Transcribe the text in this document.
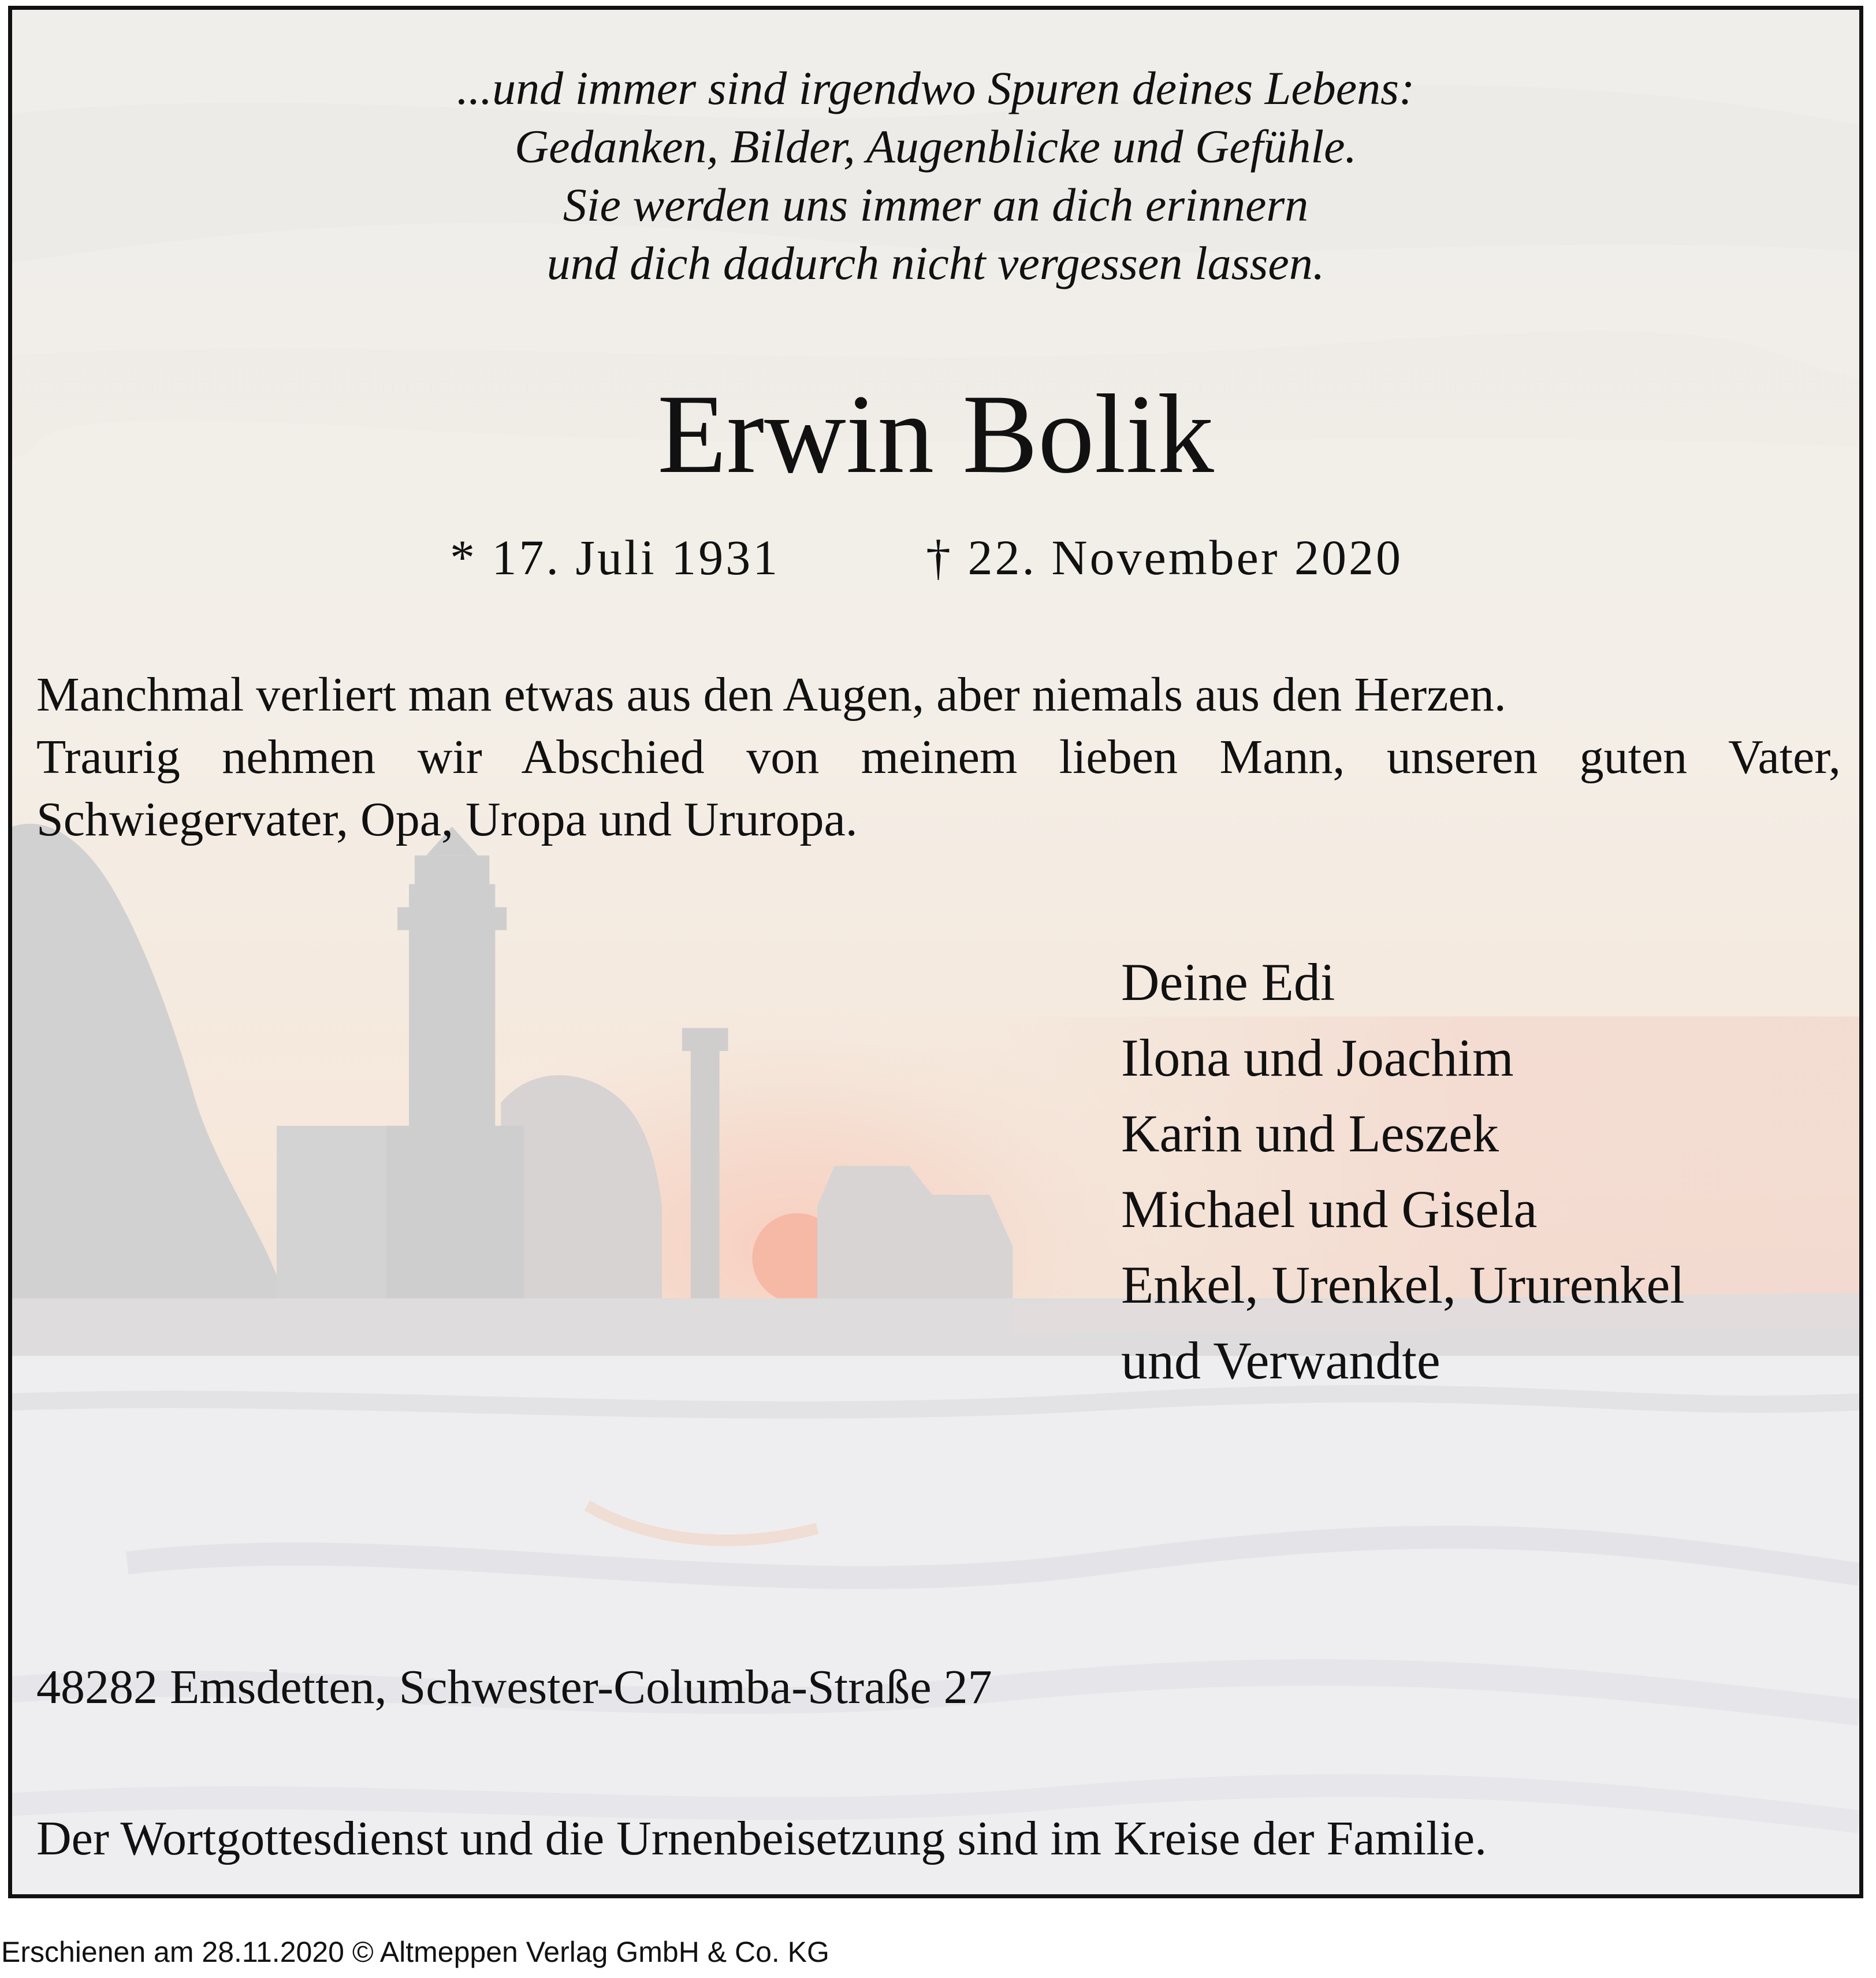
...und immer sind irgendwo Spuren deines Lebens:
Gedanken, Bilder, Augenblicke und Gefühle.
Sie werden uns immer an dich erinnern
und dich dadurch nicht vergessen lassen.
Erwin Bolik
* 17. Juli 1931	† 22. November 2020
Manchmal verliert man etwas aus den Augen, aber niemals aus den Herzen.
Traurig nehmen wir Abschied von meinem lieben Mann, unseren guten Vater,
Schwiegervater, Opa, Uropa und Ururopa.
Deine Edi
Ilona und Joachim
Karin und Leszek
Michael und Gisela
Enkel, Urenkel, Ururenkel
und Verwandte
48282 Emsdetten, Schwester-Columba-Straße 27
Der Wortgottesdienst und die Urnenbeisetzung sind im Kreise der Familie.
Erschienen am 28.11.2020 © Altmeppen Verlag GmbH & Co. KG
